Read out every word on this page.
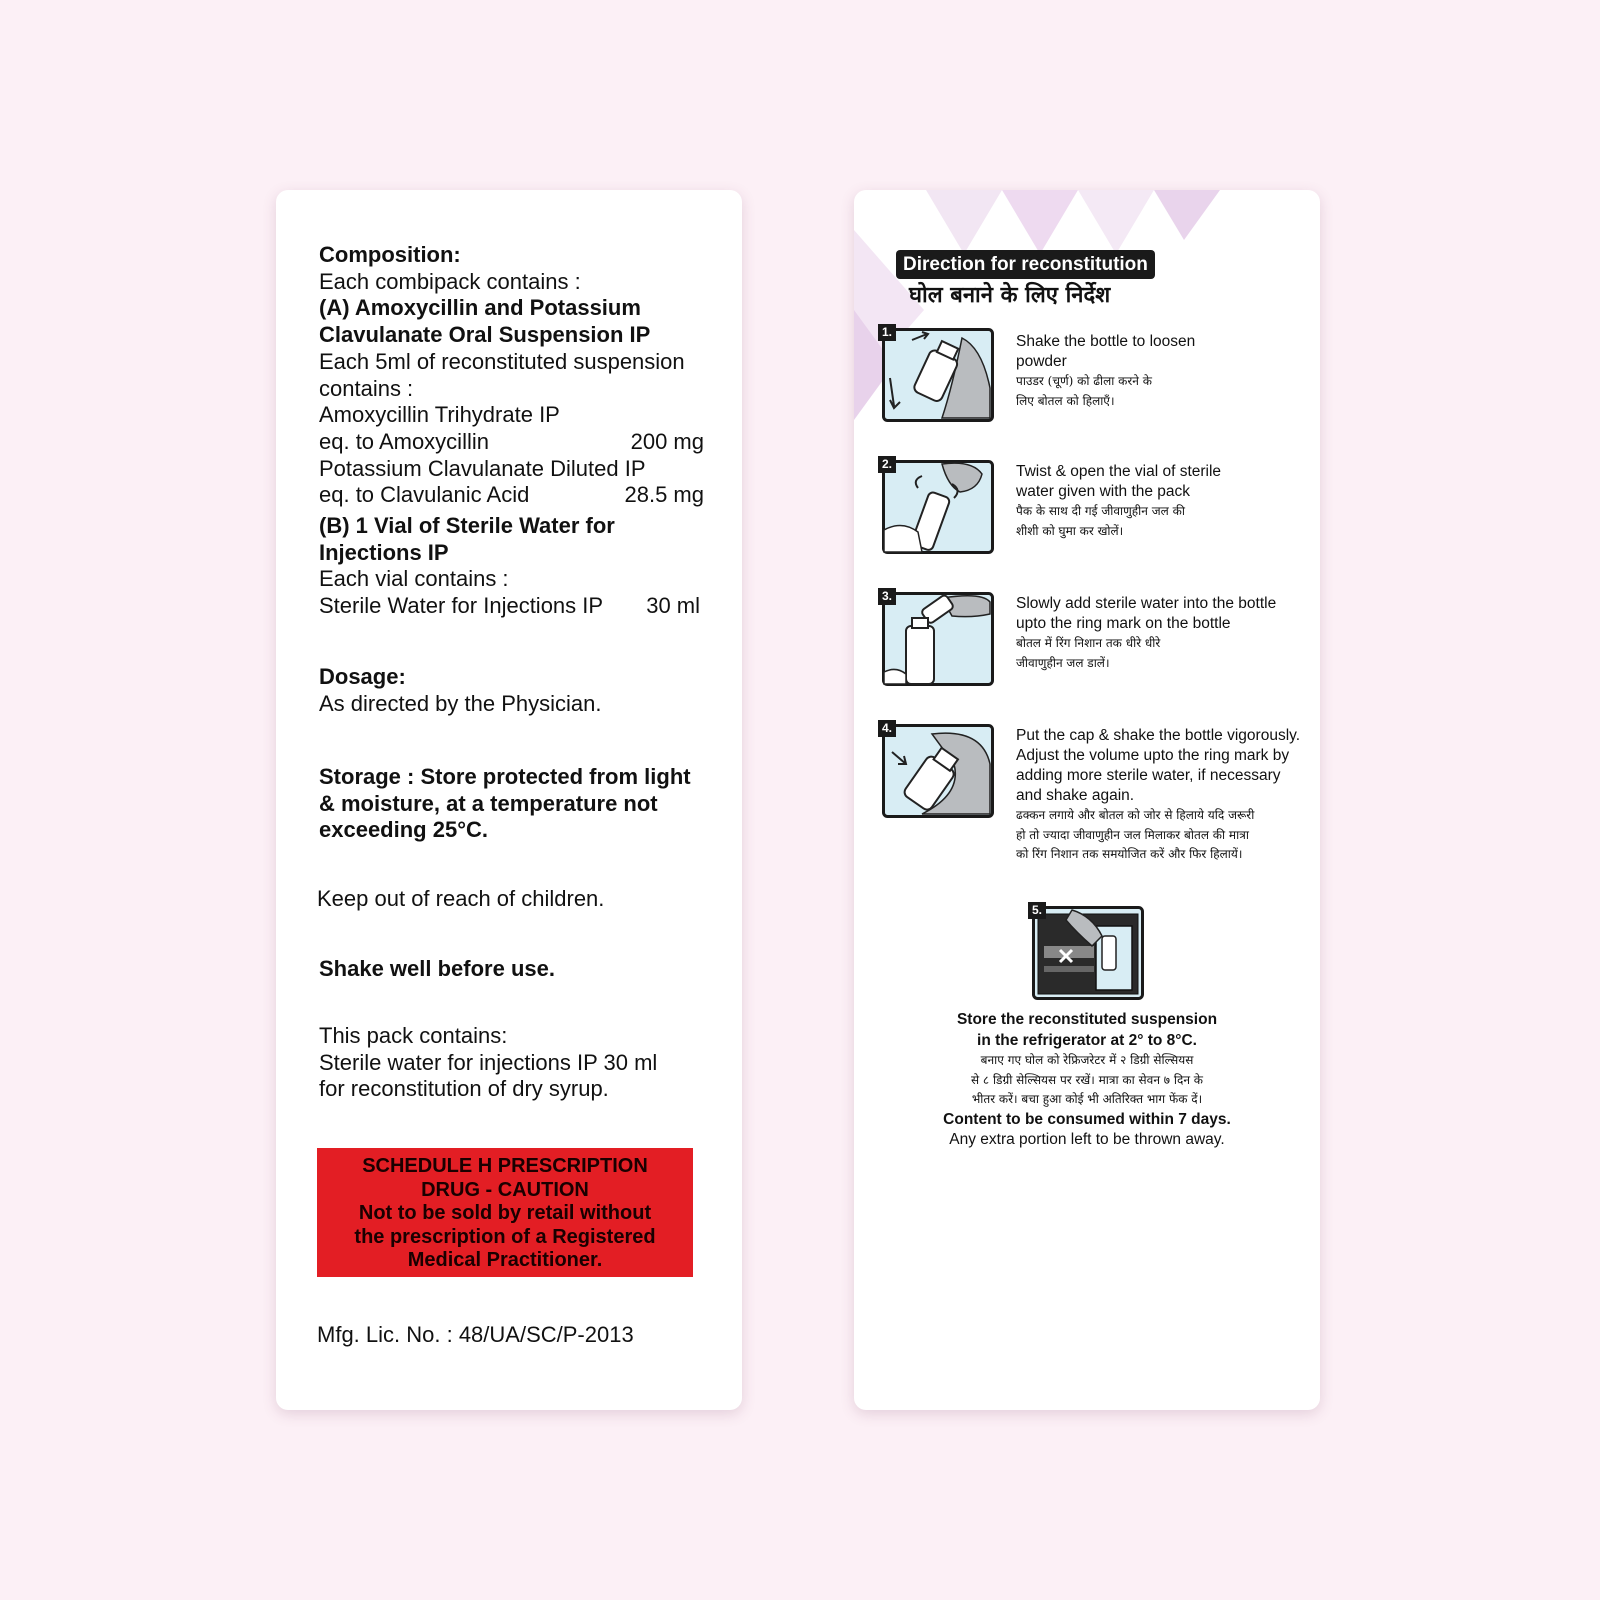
Composition:
Each combipack contains :
(A) Amoxycillin and Potassium
Clavulanate Oral Suspension IP
Each 5ml of reconstituted suspension
contains :
Amoxycillin Trihydrate IP
eq. to Amoxycillin	200 mg
Potassium Clavulanate Diluted IP
eq. to Clavulanic Acid	28.5 mg
(B) 1 Vial of Sterile Water for
Injections IP
Each vial contains :
Sterile Water for Injections IP 30 ml
Dosage:
As directed by the Physician.
Storage : Store protected from light
& moisture, at a temperature not
exceeding 25°C.
Keep out of reach of children.
Shake well before use.
This pack contains:
Sterile water for injections IP 30 ml
for reconstitution of dry syrup.
SCHEDULE H PRESCRIPTION
DRUG - CAUTION
Not to be sold by retail without
the prescription of a Registered
Medical Practitioner.
Mfg. Lic. No. : 48/UA/SC/P-2013
Direction for reconstitution
घोल बनाने के लिए निर्देश
1.
Shake the bottle to loosen
powder
पाउडर (चूर्ण) को ढीला करने के
लिए बोतल को हिलाएँ।
2.	Twist & open the vial of sterile
water given with the pack
पैक के साथ दी गई जीवाणुहीन जल की
शीशी को घुमा कर खोलें।
3.	Slowly add sterile water into the bottle
upto the ring mark on the bottle
बोतल में रिंग निशान तक धीरे धीरे
जीवाणुहीन जल डालें।
4.	Put the cap & shake the bottle vigorously.
Adjust the volume upto the ring mark by
adding more sterile water, if necessary
and shake again.
ढक्कन लगाये और बोतल को जोर से हिलाये यदि जरूरी
हो तो ज्यादा जीवाणुहीन जल मिलाकर बोतल की मात्रा
को रिंग निशान तक समयोजित करें और फिर हिलायें।
5.
Store the reconstituted suspension
in the refrigerator at 2° to 8°C.
बनाए गए घोल को रेफ्रिजरेटर में २ डिग्री सेल्सियस
से ८ डिग्री सेल्सियस पर रखें। मात्रा का सेवन ७ दिन के
भीतर करें। बचा हुआ कोई भी अतिरिक्त भाग फेंक दें।
Content to be consumed within 7 days.
Any extra portion left to be thrown away.
